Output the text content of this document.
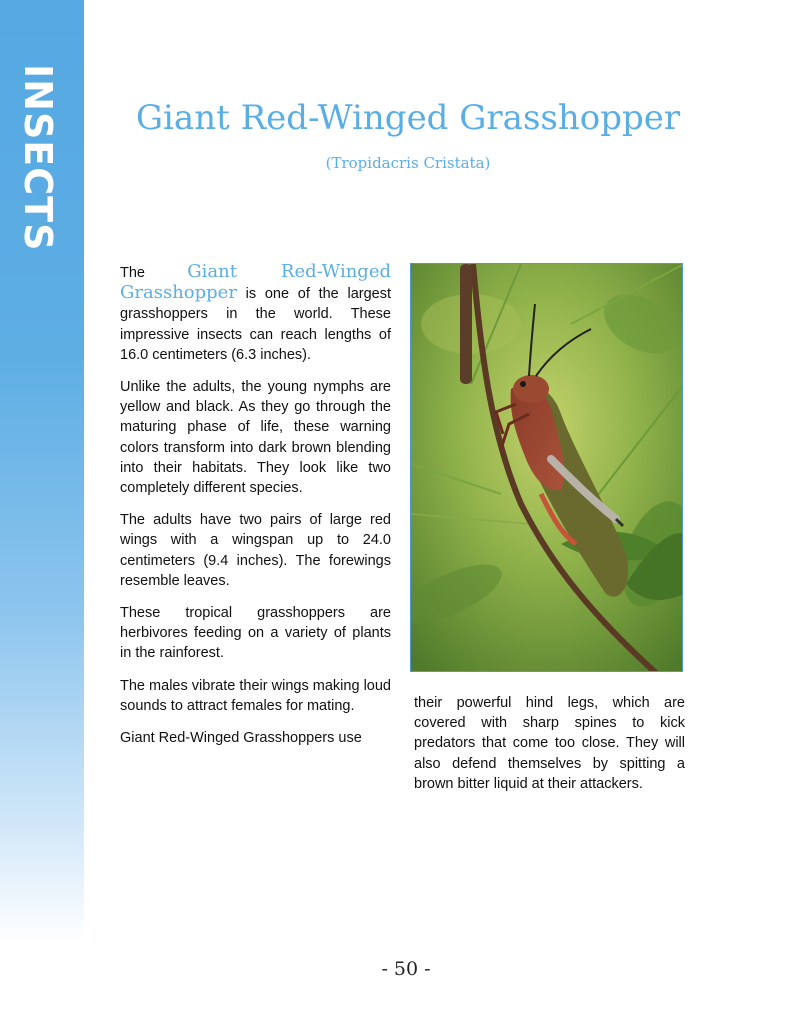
INSECTS	Giant Red-Winged Grasshopper
(Tropidacris Cristata)

The Giant Red-Winged Grasshopper is one of the largest grasshoppers in the world. These impressive insects can reach lengths of 16.0 centimeters (6.3 inches).

Unlike the adults, the young nymphs are yellow and black. As they go through the maturing phase of life, these warning colors transform into dark brown blending into their habitats. They look like two completely different species.

The adults have two pairs of large red wings with a wingspan up to 24.0 centimeters (9.4 inches). The forewings resemble leaves.

These tropical grasshoppers are herbivores feeding on a variety of plants in the rainforest.

The males vibrate their wings making loud sounds to attract females for mating.

Giant Red-Winged Grasshoppers use

their powerful hind legs, which are covered with sharp spines to kick predators that come too close. They will also defend themselves by spitting a brown bitter liquid at their attackers.

- 50 -
